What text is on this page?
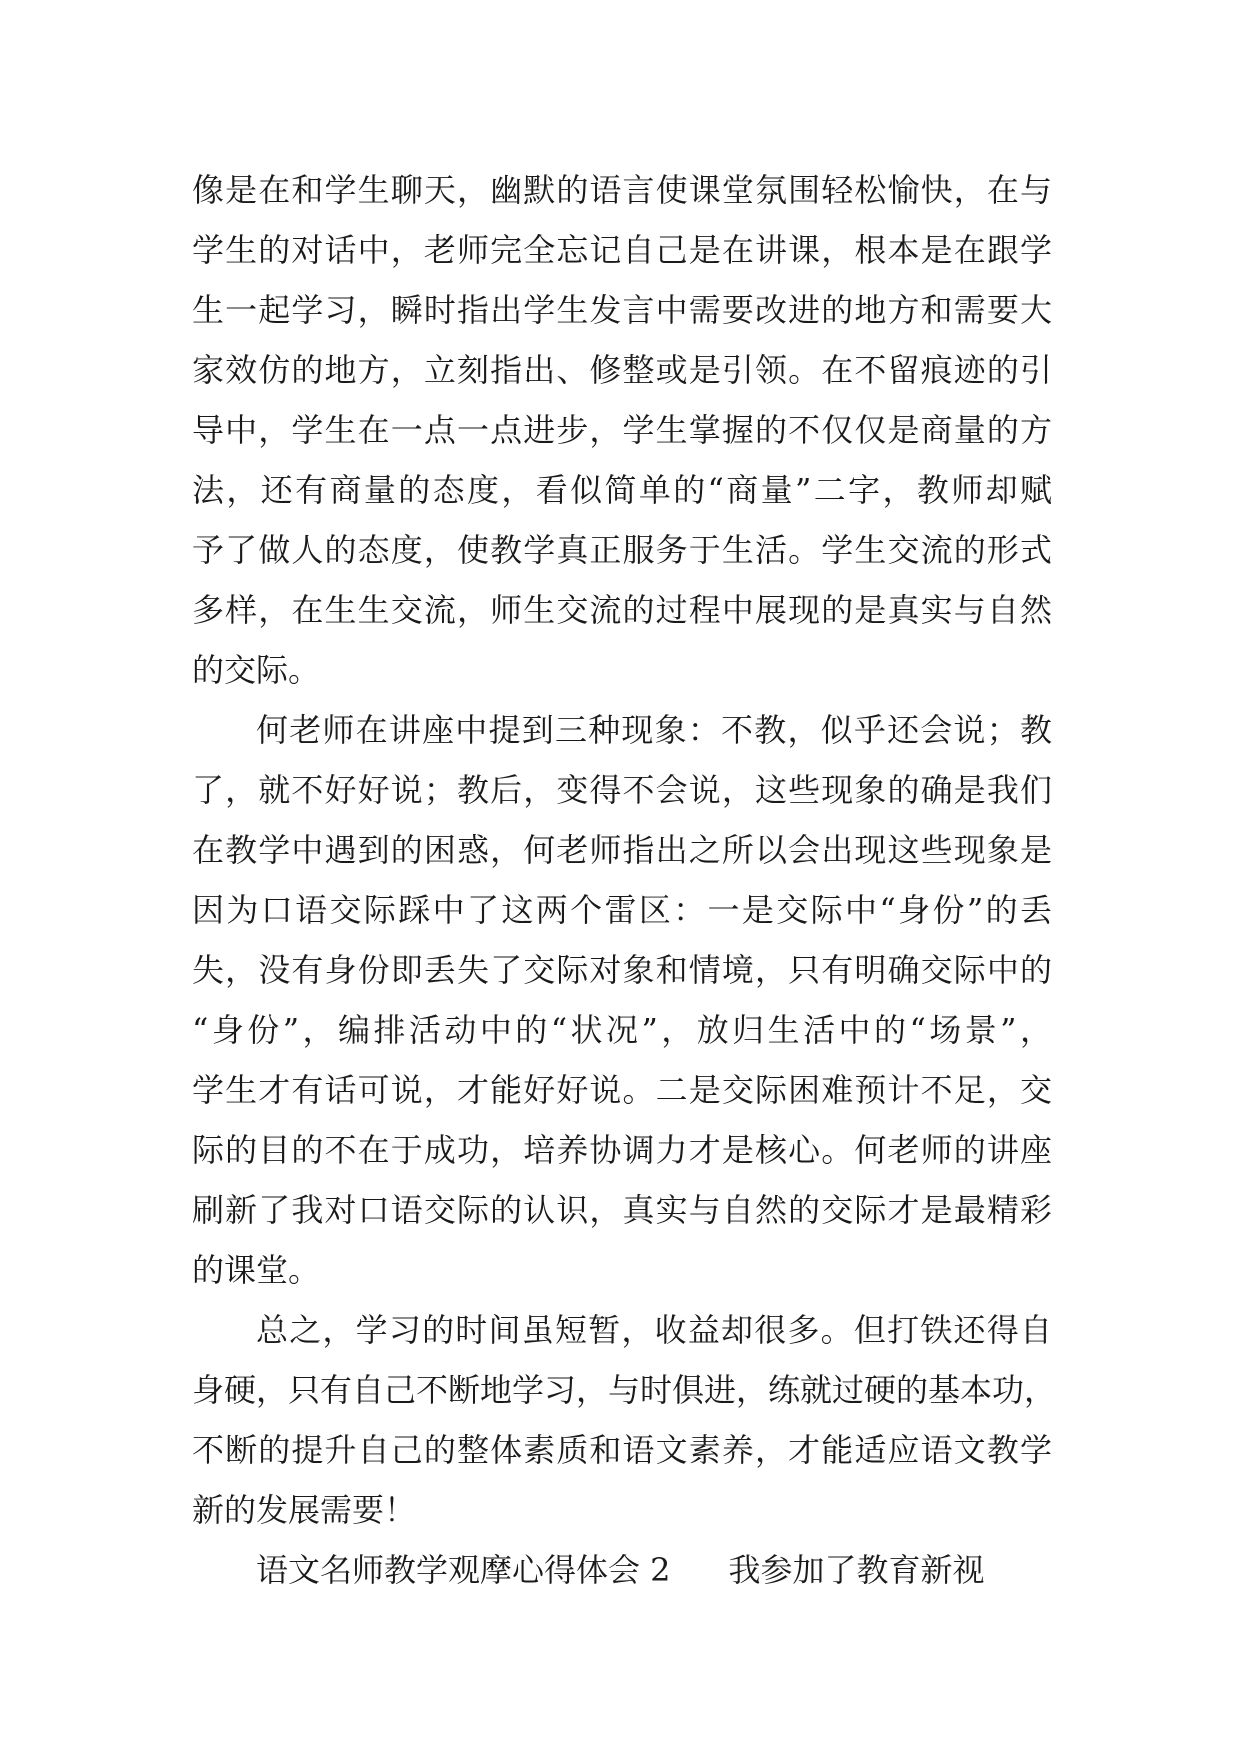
像是在和学生聊天，幽默的语言使课堂氛围轻松愉快，在与
学生的对话中，老师完全忘记自己是在讲课，根本是在跟学
生一起学习，瞬时指出学生发言中需要改进的地方和需要大
家效仿的地方，立刻指出、修整或是引领。在不留痕迹的引
导中，学生在一点一点进步，学生掌握的不仅仅是商量的方
法，还有商量的态度，看似简单的“商量”二字，教师却赋
予了做人的态度，使教学真正服务于生活。学生交流的形式
多样，在生生交流，师生交流的过程中展现的是真实与自然
的交际。
何老师在讲座中提到三种现象：不教，似乎还会说；教
了，就不好好说；教后，变得不会说，这些现象的确是我们
在教学中遇到的困惑，何老师指出之所以会出现这些现象是
因为口语交际踩中了这两个雷区：一是交际中“身份”的丢
失，没有身份即丢失了交际对象和情境，只有明确交际中的
“身份”，编排活动中的“状况”，放归生活中的“场景”，
学生才有话可说，才能好好说。二是交际困难预计不足，交
际的目的不在于成功，培养协调力才是核心。何老师的讲座
刷新了我对口语交际的认识，真实与自然的交际才是最精彩
的课堂。
总之，学习的时间虽短暂，收益却很多。但打铁还得自
身硬，只有自己不断地学习，与时俱进，练就过硬的基本功，
不断的提升自己的整体素质和语文素养，才能适应语文教学
新的发展需要！
语文名师教学观摩心得体会 2 我参加了教育新视
